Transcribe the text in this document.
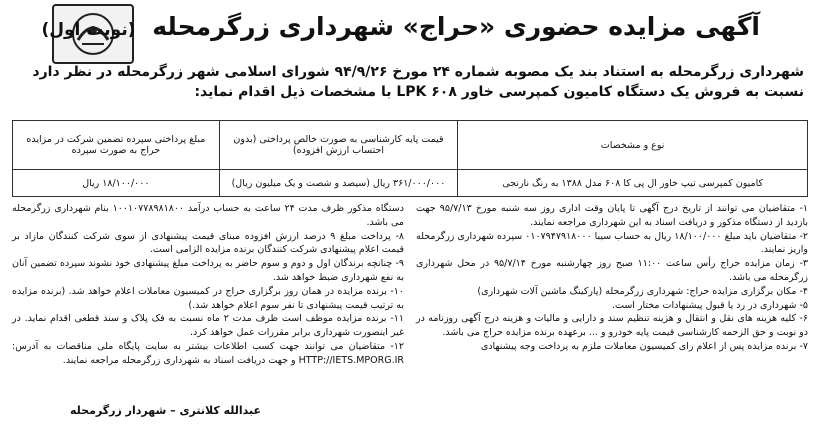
آگهی مزایده حضوری «حراج» شهرداری زرگرمحله (نوبت اول)
شهرداری زرگرمحله به استناد بند یک مصوبه شماره ۲۴ مورخ ۹۴/۹/۲۶ شورای اسلامی شهر زرگرمحله در نظر دارد نسبت به فروش یک دستگاه کامیون کمپرسی خاور LPK ۶۰۸ با مشخصات ذیل اقدام نماید:
نوع و مشخصات	قیمت پایه کارشناسی به صورت خالص پرداختی (بدون احتساب ارزش افزوده)	مبلغ پرداختی سپرده تضمین شرکت در مزایده حراج به صورت سپرده
کامیون کمپرسی تیپ خاور ال پی کا ۶۰۸ مدل ۱۳۸۸ به رنگ نارنجی	۳۶۱/۰۰۰/۰۰۰ ریال (سیصد و شصت و یک میلیون ریال)	۱۸/۱۰۰/۰۰۰ ریال

۱- متقاضیان می توانند از تاریخ درج آگهی تا پایان وقت اداری روز سه شنبه مورخ ۹۵/۷/۱۳ جهت بازدید از دستگاه مذکور و دریافت اسناد به این شهرداری مراجعه نمایند.

۲- متقاضیان باید مبلغ ۱۸/۱۰۰/۰۰۰ ریال به حساب سیبا ۰۱۰۷۹۴۷۹۱۸۰۰۰ سپرده شهرداری زرگرمحله واریز نمایند.

۳- زمان مزایده حراج رأس ساعت ۱۱:۰۰ صبح روز چهارشنبه مورخ ۹۵/۷/۱۴ در محل شهرداری زرگرمحله می باشد.

۴- مکان برگزاری مزایده حراج: شهرداری زرگرمحله (پارکینگ ماشین آلات شهرداری)

۵- شهرداری در رد یا قبول پیشنهادات مختار است.

۶- کلیه هزینه های نقل و انتقال و هزینه تنظیم سند و دارایی و مالیات و هزینه درج آگهی روزنامه در دو نوبت و حق الزحمه کارشناسی قیمت پایه خودرو و ... برعهده برنده مزایده حراج می باشد.

۷- برنده مزایده پس از اعلام رای کمیسیون معاملات ملزم به پرداخت وجه پیشنهادی

دستگاه مذکور ظرف مدت ۲۴ ساعت به حساب درآمد ۱۰۰۱۰۷۷۸۹۸۱۸۰۰ بنام شهرداری زرگرمحله می باشد.

۸- پرداخت مبلغ ۹ درصد ارزش افزوده مبنای قیمت پیشنهادی از سوی شرکت کنندگان مازاد بر قیمت اعلام پیشنهادی شرکت کنندگان برنده مزایده الزامی است.

۹- چنانچه برندگان اول و دوم و سوم حاضر به پرداخت مبلغ پیشنهادی خود نشوند سپرده تضمین آنان به نفع شهرداری ضبط خواهد شد.

۱۰- برنده مزایده در همان روز برگزاری حراج در کمیسیون معاملات اعلام خواهد شد. (برنده مزایده به ترتیب قیمت پیشنهادی تا نفر سوم اعلام خواهد شد.)

۱۱- برنده مزایده موظف است ظرف مدت ۲ ماه نسبت به فک پلاک و سند قطعی اقدام نماید. در غیر اینصورت شهرداری برابر مقررات عمل خواهد کرد.

۱۲- متقاضیان می توانند جهت کسب اطلاعات بیشتر به سایت پایگاه ملی مناقصات به آدرس: HTTP://IETS.MPORG.IR و جهت دریافت اسناد به شهرداری زرگرمحله مراجعه نمایند.

عبدالله کلانتری – شهردار زرگرمحله
